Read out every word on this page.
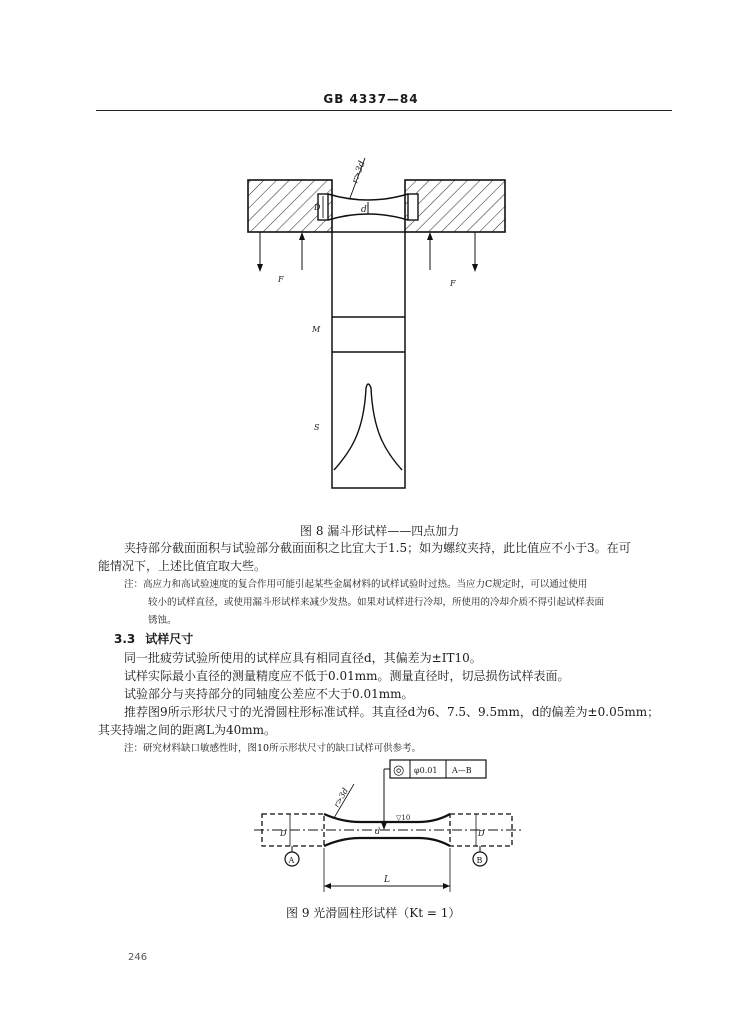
GB 4337—84
d
D
r>3d
F	F
M
S
图 8 漏斗形试样——四点加力
夹持部分截面面积与试验部分截面面积之比宜大于1.5；如为螺纹夹持，此比值应不小于3。在可
能情况下，上述比值宜取大些。
注：高应力和高试验速度的复合作用可能引起某些金属材料的试样试验时过热。当应力C规定时，可以通过使用
较小的试样直径，或使用漏斗形试样来减少发热。如果对试样进行冷却，所使用的冷却介质不得引起试样表面
锈蚀。
3.3 试样尺寸
同一批疲劳试验所使用的试样应具有相同直径d，其偏差为±IT10。
试样实际最小直径的测量精度应不低于0.01mm。测量直径时，切忌损伤试样表面。
试验部分与夹持部分的同轴度公差应不大于0.01mm。
推荐图9所示形状尺寸的光滑圆柱形标准试样。其直径d为6、7.5、9.5mm，d的偏差为±0.05mm；
其夹持端之间的距离L为40mm。
注：研究材料缺口敏感性时，图10所示形状尺寸的缺口试样可供参考。
◎ φ0.01 A—B
D	D
d
▽10
r>3d
A	B
L
图 9 光滑圆柱形试样（Kt = 1）
246
